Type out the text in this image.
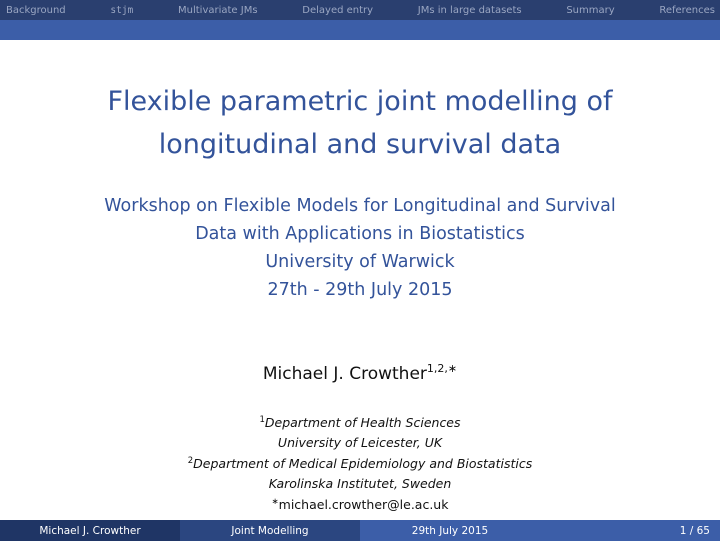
Background	stjm	Multivariate JMs	Delayed entry	JMs in large datasets	Summary	References
Flexible parametric joint modelling of
longitudinal and survival data
Workshop on Flexible Models for Longitudinal and Survival
Data with Applications in Biostatistics
University of Warwick
27th - 29th July 2015
Michael J. Crowther$^{1,2,∗}$
$^1$Department of Health Sciences
University of Leicester, UK
$^2$Department of Medical Epidemiology and Biostatistics
Karolinska Institutet, Sweden
∗michael.crowther@le.ac.uk
Michael J. Crowther	Joint Modelling	29th July 2015	1 / 65
